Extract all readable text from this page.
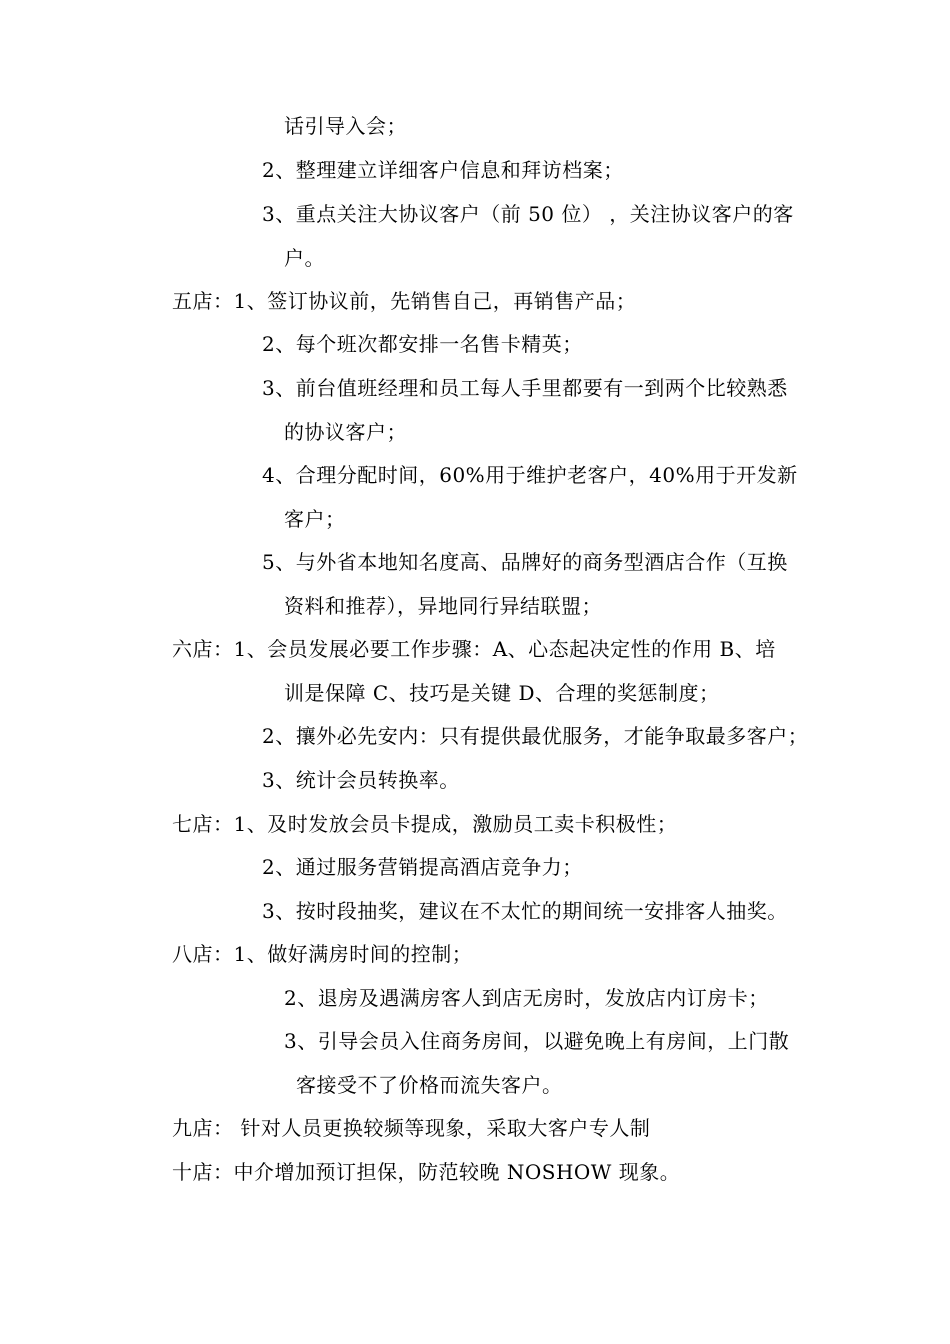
话引导入会；
2、整理建立详细客户信息和拜访档案；
3、重点关注大协议客户（前 50 位） ，关注协议客户的客
户。
五店：1、签订协议前，先销售自己，再销售产品；
2、每个班次都安排一名售卡精英；
3、前台值班经理和员工每人手里都要有一到两个比较熟悉
的协议客户；
4、合理分配时间，60%用于维护老客户，40%用于开发新
客户；
5、与外省本地知名度高、品牌好的商务型酒店合作（互换
资料和推荐），异地同行异结联盟；
六店：1、会员发展必要工作步骤：A、心态起决定性的作用 B、培
训是保障 C、技巧是关键 D、合理的奖惩制度；
2、攘外必先安内：只有提供最优服务，才能争取最多客户；
3、统计会员转换率。
七店：1、及时发放会员卡提成，激励员工卖卡积极性；
2、通过服务营销提高酒店竞争力；
3、按时段抽奖，建议在不太忙的期间统一安排客人抽奖。
八店：1、做好满房时间的控制；
2、退房及遇满房客人到店无房时，发放店内订房卡；
3、引导会员入住商务房间，以避免晚上有房间，上门散
客接受不了价格而流失客户。
九店： 针对人员更换较频等现象，采取大客户专人制
十店：中介增加预订担保，防范较晚 NOSHOW 现象。
